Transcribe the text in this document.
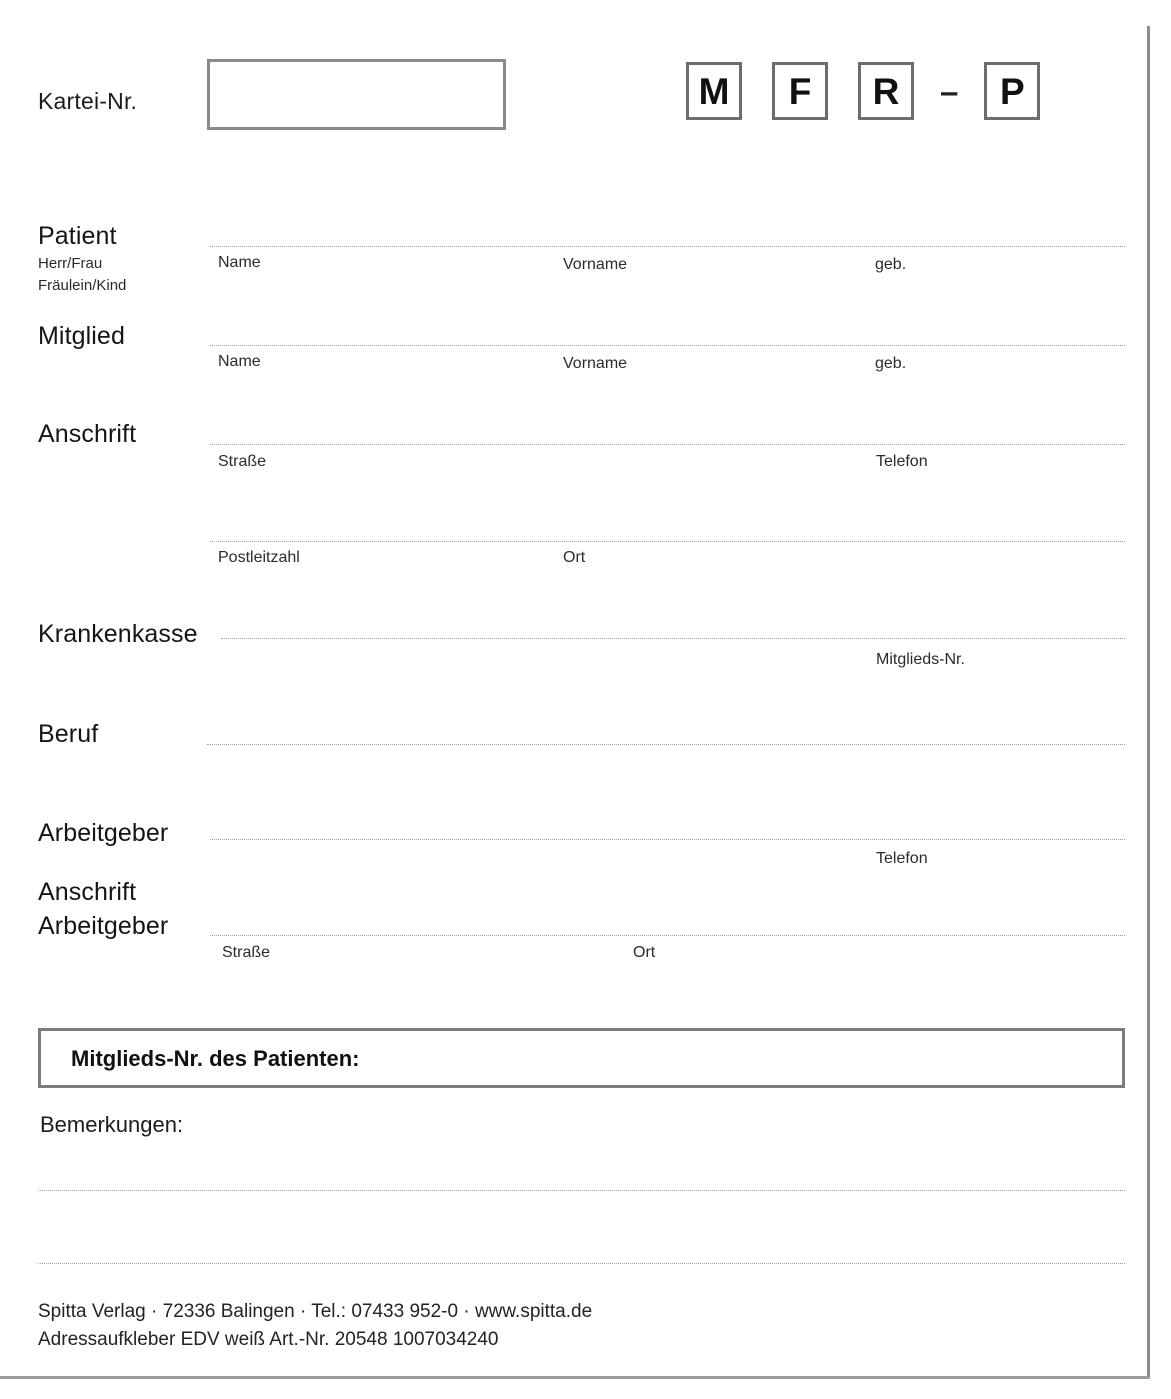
Kartei-Nr.	M	F	R	–	P
Patient
Herr/Frau
Fräulein/Kind
Name	Vorname	geb.
Mitglied
Name	Vorname	geb.
Anschrift
Straße	Telefon
Postleitzahl	Ort
Krankenkasse
Mitglieds-Nr.
Beruf
Arbeitgeber
Telefon
Anschrift
Arbeitgeber
Straße	Ort
Mitglieds-Nr. des Patienten:
Bemerkungen:
Spitta Verlag · 72336 Balingen · Tel.: 07433 952-0 · www.spitta.de
Adressaufkleber EDV weiß Art.-Nr. 20548 1007034240
